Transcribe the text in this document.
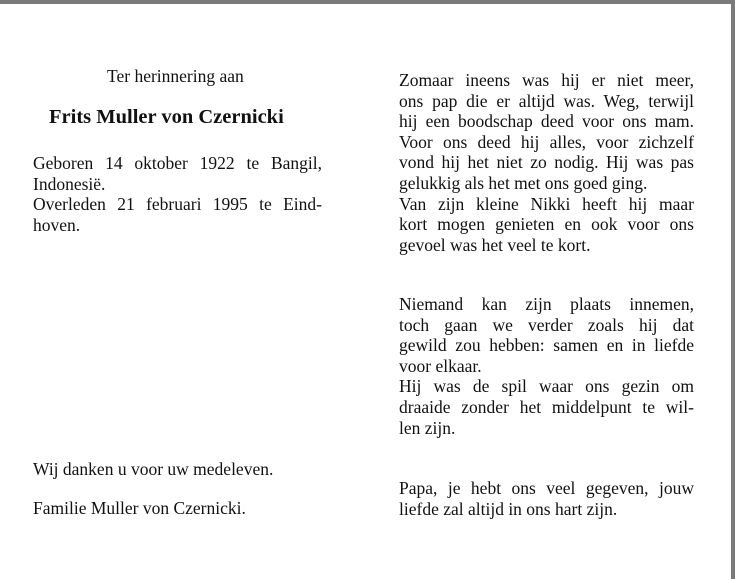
Ter herinnering aan
Frits Muller von Czernicki
Geboren 14 oktober 1922 te Bangil,
Indonesië.
Overleden 21 februari 1995 te Eind-
hoven.
Wij danken u voor uw medeleven.
Familie Muller von Czernicki.
Zomaar ineens was hij er niet meer,
ons pap die er altijd was. Weg, terwijl
hij een boodschap deed voor ons mam.
Voor ons deed hij alles, voor zichzelf
vond hij het niet zo nodig. Hij was pas
gelukkig als het met ons goed ging.
Van zijn kleine Nikki heeft hij maar
kort mogen genieten en ook voor ons
gevoel was het veel te kort.
Niemand kan zijn plaats innemen,
toch gaan we verder zoals hij dat
gewild zou hebben: samen en in liefde
voor elkaar.
Hij was de spil waar ons gezin om
draaide zonder het middelpunt te wil-
len zijn.
Papa, je hebt ons veel gegeven, jouw
liefde zal altijd in ons hart zijn.
